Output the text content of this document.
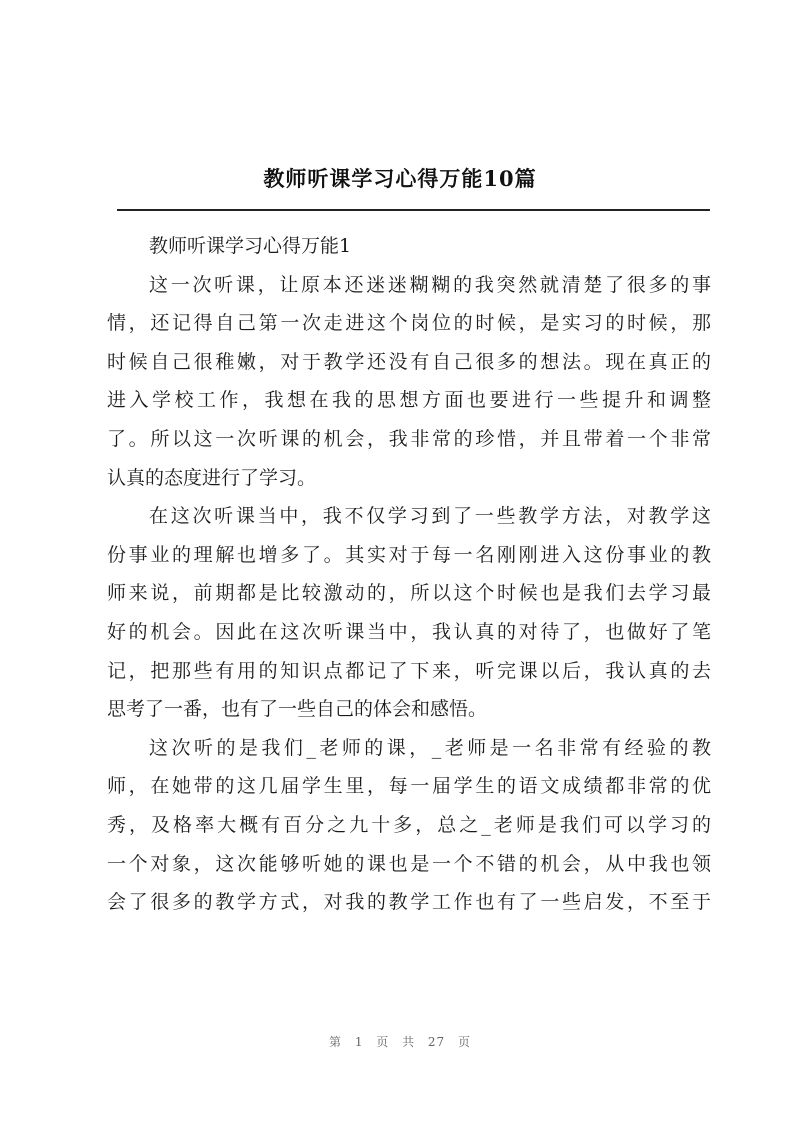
教师听课学习心得万能10篇
教师听课学习心得万能1
这一次听课，让原本还迷迷糊糊的我突然就清楚了很多的事
情，还记得自己第一次走进这个岗位的时候，是实习的时候，那
时候自己很稚嫩，对于教学还没有自己很多的想法。现在真正的
进入学校工作，我想在我的思想方面也要进行一些提升和调整
了。所以这一次听课的机会，我非常的珍惜，并且带着一个非常
认真的态度进行了学习。
在这次听课当中，我不仅学习到了一些教学方法，对教学这
份事业的理解也增多了。其实对于每一名刚刚进入这份事业的教
师来说，前期都是比较激动的，所以这个时候也是我们去学习最
好的机会。因此在这次听课当中，我认真的对待了，也做好了笔
记，把那些有用的知识点都记了下来，听完课以后，我认真的去
思考了一番，也有了一些自己的体会和感悟。
这次听的是我们_老师的课，_老师是一名非常有经验的教
师，在她带的这几届学生里，每一届学生的语文成绩都非常的优
秀，及格率大概有百分之九十多，总之_老师是我们可以学习的
一个对象，这次能够听她的课也是一个不错的机会，从中我也领
会了很多的教学方式，对我的教学工作也有了一些启发，不至于
第 1 页 共 27 页
